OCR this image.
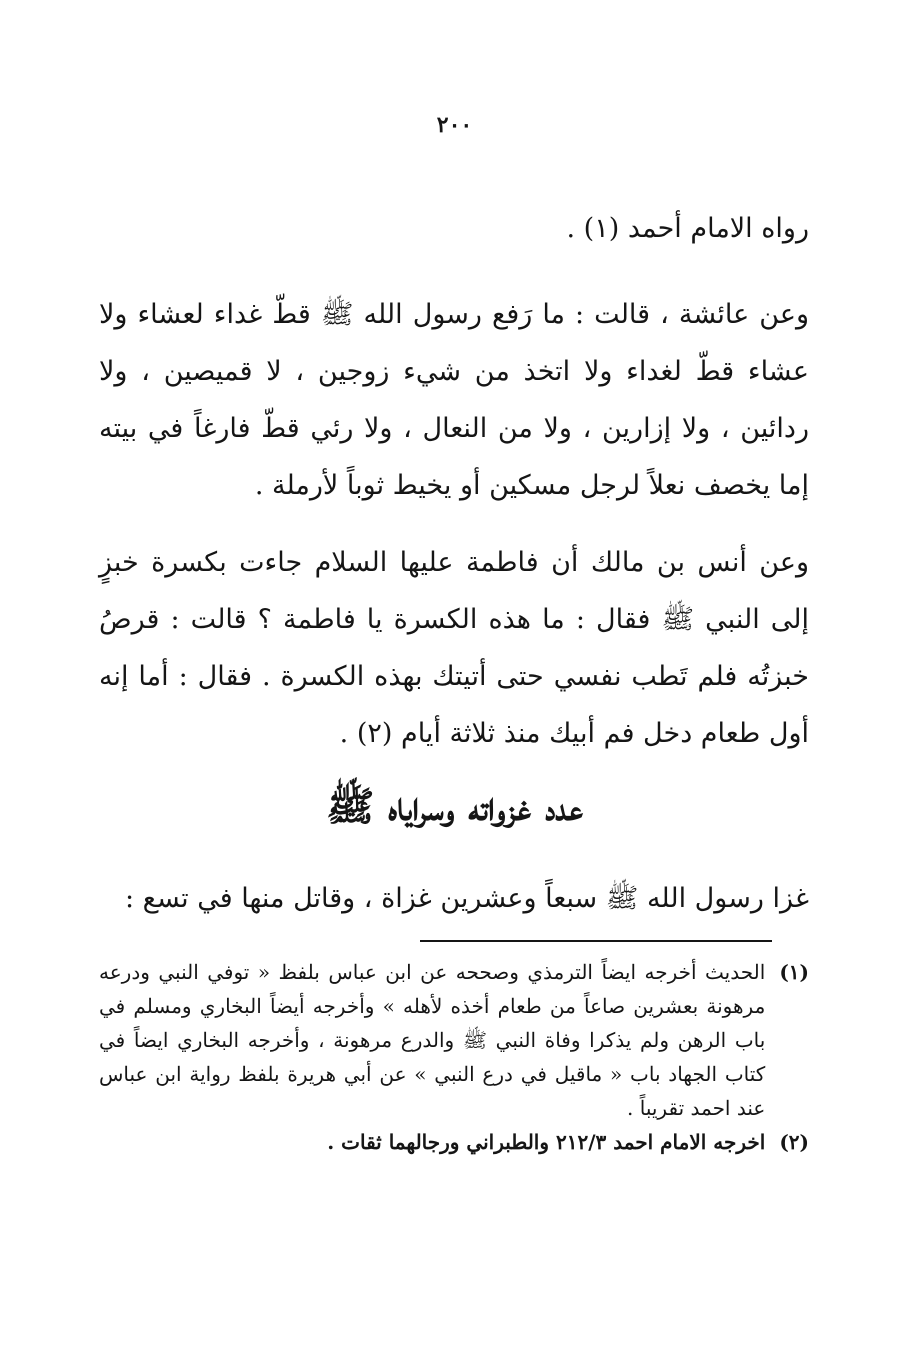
٢٠٠

رواه الامام أحمد (١) .

وعن عائشة ، قالت : ما رَفع رسول الله ﷺ قطّ غداء لعشاء ولا عشاء قطّ لغداء ولا اتخذ من شيء زوجين ، لا قميصين ، ولا ردائين ، ولا إزارين ، ولا من النعال ، ولا رئي قطّ فارغاً في بيته إما يخصف نعلاً لرجل مسكين أو يخيط ثوباً لأرملة .

وعن أنس بن مالك أن فاطمة عليها السلام جاءت بكسرة خبزٍ إلى النبي ﷺ فقال : ما هذه الكسرة يا فاطمة ؟ قالت : قرصُ خبزتُه فلم تَطب نفسي حتى أتيتك بهذه الكسرة . فقال : أما إنه أول طعام دخل فم أبيك منذ ثلاثة أيام (٢) .

عدد غزواته وسراياه ﷺ

غزا رسول الله ﷺ سبعاً وعشرين غزاة ، وقاتل منها في تسع :

(١)
الحديث أخرجه ايضاً الترمذي وصححه عن ابن عباس بلفظ « توفي النبي ودرعه مرهونة بعشرين صاعاً من طعام أخذه لأهله » وأخرجه أيضاً البخاري ومسلم في باب الرهن ولم يذكرا وفاة النبي ﷺ والدرع مرهونة ، وأخرجه البخاري ايضاً في كتاب الجهاد باب « ماقيل في درع النبي » عن أبي هريرة بلفظ رواية ابن عباس عند احمد تقريباً .
(٢)
اخرجه الامام احمد ٢١٢/٣ والطبراني ورجالهما ثقات .
